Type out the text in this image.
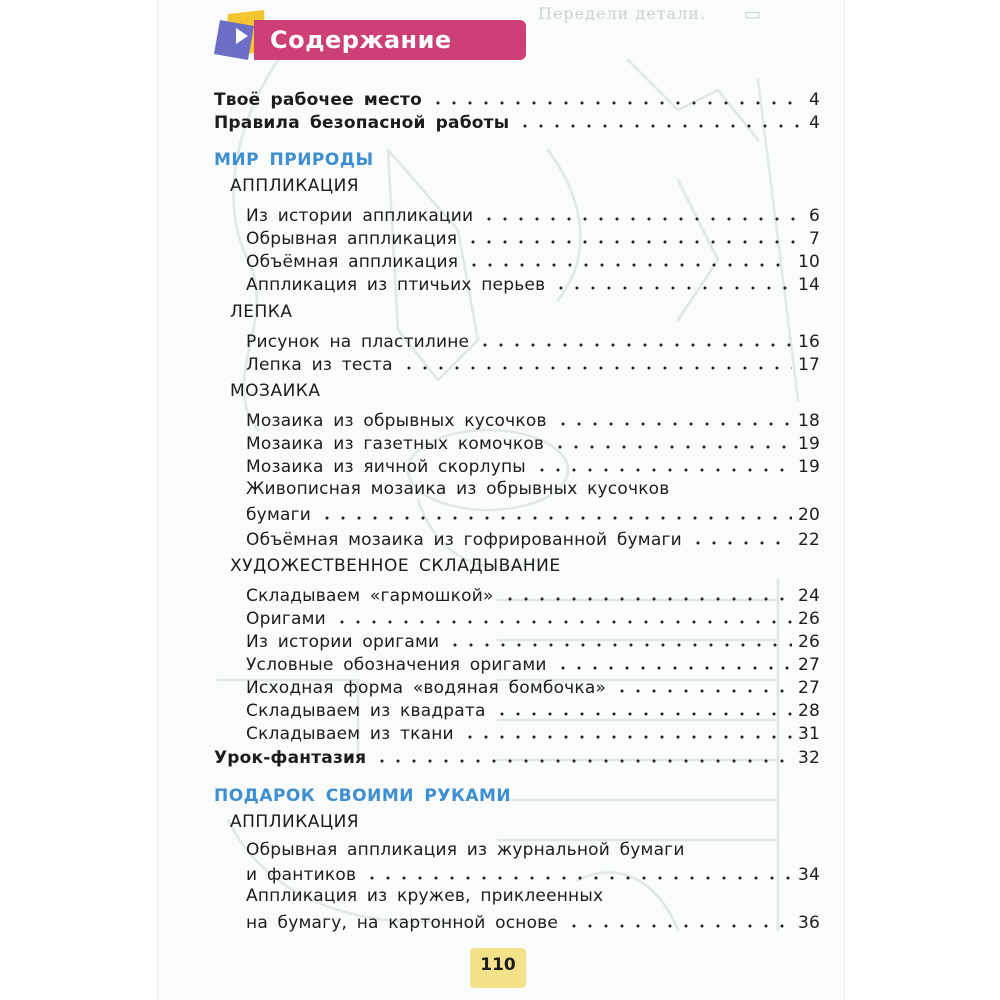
Содержание
Передели детали. ▭
Твоё рабочее место	4
Правила безопасной работы	4
МИР ПРИРОДЫ
АППЛИКАЦИЯ
Из истории аппликации	6
Обрывная аппликация	7
Объёмная аппликация	10
Аппликация из птичьих перьев	14
ЛЕПКА
Рисунок на пластилине	16
Лепка из теста	17
МОЗАИКА
Мозаика из обрывных кусочков	18
Мозаика из газетных комочков	19
Мозаика из яичной скорлупы	19
Живописная мозаика из обрывных кусочков
бумаги	20
Объёмная мозаика из гофрированной бумаги	22
ХУДОЖЕСТВЕННОЕ СКЛАДЫВАНИЕ
Складываем «гармошкой»	24
Оригами	26
Из истории оригами	26
Условные обозначения оригами	27
Исходная форма «водяная бомбочка»	27
Складываем из квадрата	28
Складываем из ткани	31
Урок-фантазия	32
ПОДАРОК СВОИМИ РУКАМИ
АППЛИКАЦИЯ
Обрывная аппликация из журнальной бумаги
и фантиков	34
Аппликация из кружев, приклеенных
на бумагу, на картонной основе	36
110
